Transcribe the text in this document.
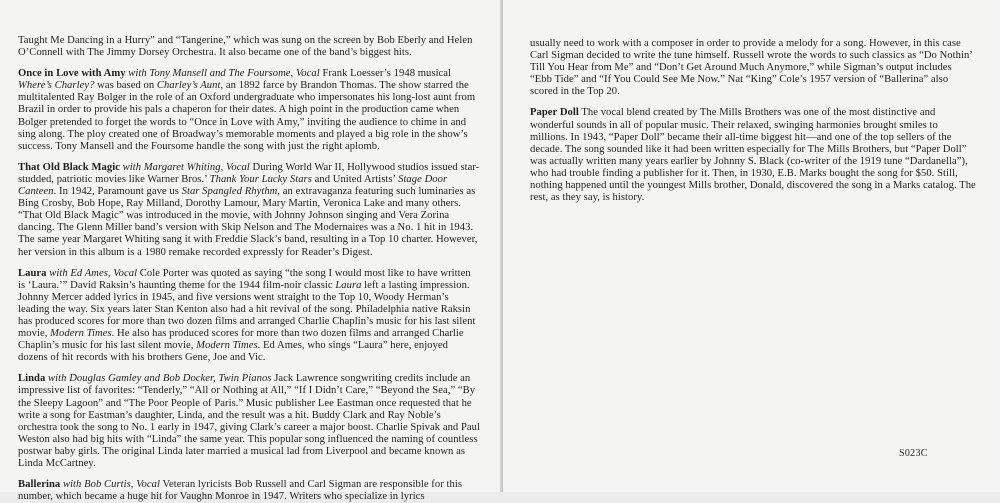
Taught Me Dancing in a Hurry” and “Tangerine,” which was sung on the screen by Bob Eberly and Helen O’Connell with The Jimmy Dorsey Orchestra. It also became one of the band’s biggest hits.

Once in Love with Amy with Tony Mansell and The Foursome, Vocal Frank Loesser’s 1948 musical Where’s Charley? was based on Charley’s Aunt, an 1892 farce by Brandon Thomas. The show starred the multitalented Ray Bolger in the role of an Oxford undergraduate who impersonates his long-lost aunt from Brazil in order to provide his pals a chaperon for their dates. A high point in the production came when Bolger pretended to forget the words to “Once in Love with Amy,” inviting the audience to chime in and sing along. The ploy created one of Broadway’s memorable moments and played a big role in the show’s success. Tony Mansell and the Foursome handle the song with just the right aplomb.

That Old Black Magic with Margaret Whiting, Vocal During World War II, Hollywood studios issued star-studded, patriotic movies like Warner Bros.’ Thank Your Lucky Stars and United Artists’ Stage Door Canteen. In 1942, Paramount gave us Star Spangled Rhythm, an extravaganza featuring such luminaries as Bing Crosby, Bob Hope, Ray Milland, Dorothy Lamour, Mary Martin, Veronica Lake and many others. “That Old Black Magic” was introduced in the movie, with Johnny Johnson singing and Vera Zorina dancing. The Glenn Miller band’s version with Skip Nelson and The Modernaires was a No. 1 hit in 1943. The same year Margaret Whiting sang it with Freddie Slack’s band, resulting in a Top 10 charter. However, her version in this album is a 1980 remake recorded expressly for Reader’s Digest.

Laura with Ed Ames, Vocal Cole Porter was quoted as saying “the song I would most like to have written is ‘Laura.’” David Raksin’s haunting theme for the 1944 film-noir classic Laura left a lasting impression. Johnny Mercer added lyrics in 1945, and five versions went straight to the Top 10, Woody Herman’s leading the way. Six years later Stan Kenton also had a hit revival of the song. Philadelphia native Raksin has produced scores for more than two dozen films and arranged Charlie Chaplin’s music for his last silent movie, Modern Times. He also has produced scores for more than two dozen films and arranged Charlie Chaplin’s music for his last silent movie, Modern Times. Ed Ames, who sings “Laura” here, enjoyed dozens of hit records with his brothers Gene, Joe and Vic.

Linda with Douglas Gamley and Bob Docker, Twin Pianos Jack Lawrence songwriting credits include an impressive list of favorites: “Tenderly,” “All or Nothing at All,” “If I Didn’t Care,” “Beyond the Sea,” “By the Sleepy Lagoon” and “The Poor People of Paris.” Music publisher Lee Eastman once requested that he write a song for Eastman’s daughter, Linda, and the result was a hit. Buddy Clark and Ray Noble’s orchestra took the song to No. 1 early in 1947, giving Clark’s career a major boost. Charlie Spivak and Paul Weston also had big hits with “Linda” the same year. This popular song influenced the naming of countless postwar baby girls. The original Linda later married a musical lad from Liverpool and became known as Linda McCartney.

Ballerina with Bob Curtis, Vocal Veteran lyricists Bob Russell and Carl Sigman are responsible for this number, which became a huge hit for Vaughn Monroe in 1947. Writers who specialize in lyrics

usually need to work with a composer in order to provide a melody for a song. However, in this case Carl Sigman decided to write the tune himself. Russell wrote the words to such classics as “Do Nothin’ Till You Hear from Me” and “Don’t Get Around Much Anymore,” while Sigman’s output includes “Ebb Tide” and “If You Could See Me Now.” Nat “King” Cole’s 1957 version of “Ballerina” also scored in the Top 20.

Paper Doll The vocal blend created by The Mills Brothers was one of the most distinctive and wonderful sounds in all of popular music. Their relaxed, swinging harmonies brought smiles to millions. In 1943, “Paper Doll” became their all-time biggest hit—and one of the top sellers of the decade. The song sounded like it had been written especially for The Mills Brothers, but “Paper Doll” was actually written many years earlier by Johnny S. Black (co-writer of the 1919 tune “Dardanella”), who had trouble finding a publisher for it. Then, in 1930, E.B. Marks bought the song for $50. Still, nothing happened until the youngest Mills brother, Donald, discovered the song in a Marks catalog. The rest, as they say, is history.

S023C
